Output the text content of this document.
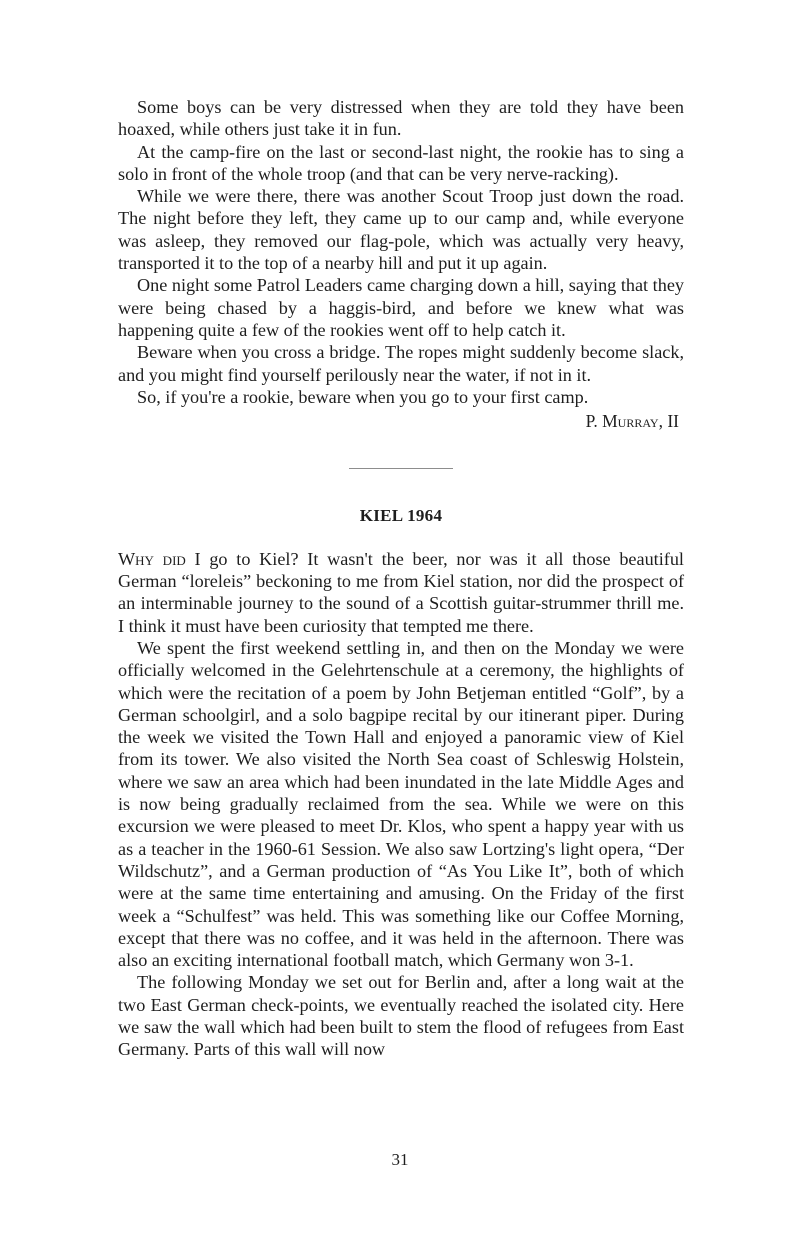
Some boys can be very distressed when they are told they have been hoaxed, while others just take it in fun.

At the camp-fire on the last or second-last night, the rookie has to sing a solo in front of the whole troop (and that can be very nerve-racking).

While we were there, there was another Scout Troop just down the road. The night before they left, they came up to our camp and, while everyone was asleep, they removed our flag-pole, which was actually very heavy, transported it to the top of a nearby hill and put it up again.

One night some Patrol Leaders came charging down a hill, saying that they were being chased by a haggis-bird, and before we knew what was happening quite a few of the rookies went off to help catch it.

Beware when you cross a bridge. The ropes might suddenly become slack, and you might find yourself perilously near the water, if not in it.

So, if you're a rookie, beware when you go to your first camp.

P. Murray, II
KIEL 1964

Why did I go to Kiel? It wasn't the beer, nor was it all those beautiful German “loreleis” beckoning to me from Kiel station, nor did the prospect of an interminable journey to the sound of a Scottish guitar-strummer thrill me. I think it must have been curiosity that tempted me there.

We spent the first weekend settling in, and then on the Monday we were officially welcomed in the Gelehrtenschule at a ceremony, the highlights of which were the recitation of a poem by John Betjeman entitled “Golf”, by a German schoolgirl, and a solo bagpipe recital by our itinerant piper. During the week we visited the Town Hall and enjoyed a panoramic view of Kiel from its tower. We also visited the North Sea coast of Schleswig Holstein, where we saw an area which had been inundated in the late Middle Ages and is now being gradually reclaimed from the sea. While we were on this excursion we were pleased to meet Dr. Klos, who spent a happy year with us as a teacher in the 1960-61 Session. We also saw Lortzing's light opera, “Der Wildschutz”, and a German production of “As You Like It”, both of which were at the same time entertaining and amusing. On the Friday of the first week a “Schulfest” was held. This was something like our Coffee Morning, except that there was no coffee, and it was held in the afternoon. There was also an exciting international football match, which Germany won 3-1.

The following Monday we set out for Berlin and, after a long wait at the two East German check-points, we eventually reached the isolated city. Here we saw the wall which had been built to stem the flood of refugees from East Germany. Parts of this wall will now

31
